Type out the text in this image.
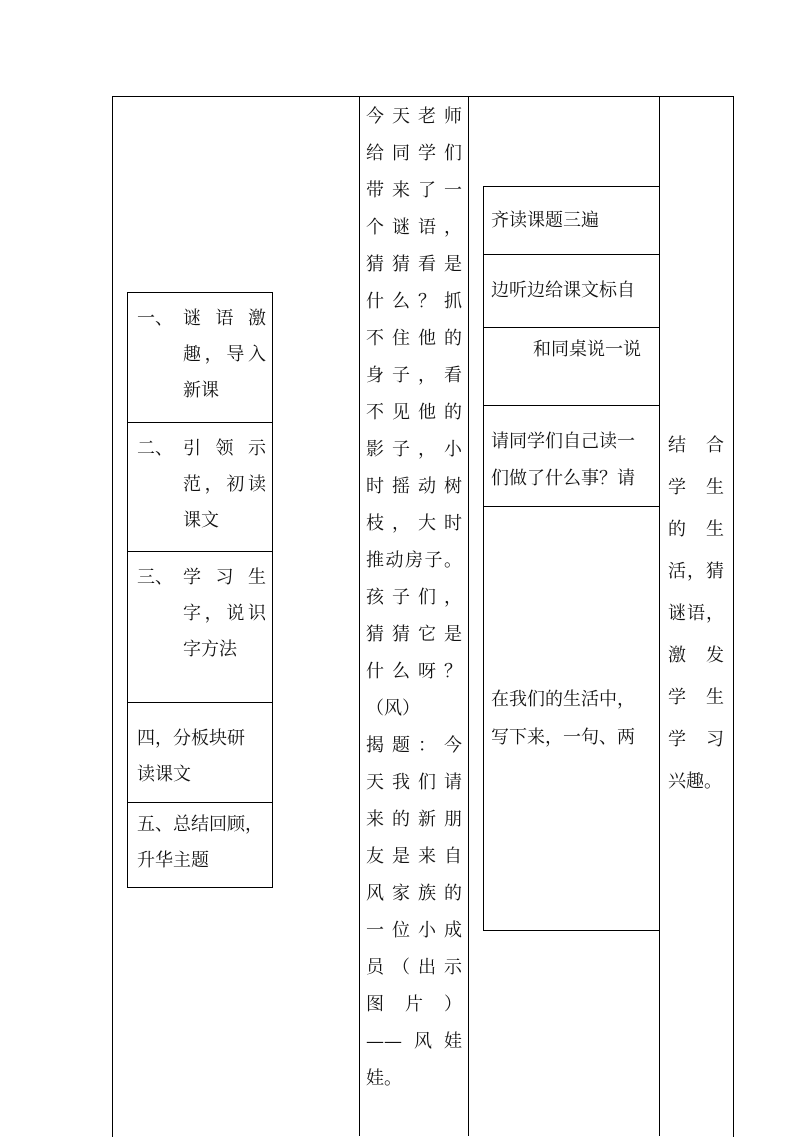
一、 谜 语 激
趣，导入
新课
二、 引 领 示
范，初读
课文
三、 学 习 生
字，说识
字方法
四，分板块研
读课文
五、总结回顾，
升华主题
今天老师
给同学们
带来了一
个谜语，
猜猜看是
什么？抓
不住他的
身子，看
不见他的
影子，小
时摇动树
枝，大时
推动房子。
孩子们，
猜猜它是
什么呀？
（风）
揭题：今
天我们请
来的新朋
友是来自
风家族的
一位小成
员（出示
图 片 ）
——风娃
娃。
齐读课题三遍
边听边给课文标自
和同桌说一说
请同学们自己读一
们做了什么事？请
在我们的生活中，
写下来，一句、两
结 合
学 生
的 生
活，猜
谜语，
激 发
学 生
学 习
兴趣。
